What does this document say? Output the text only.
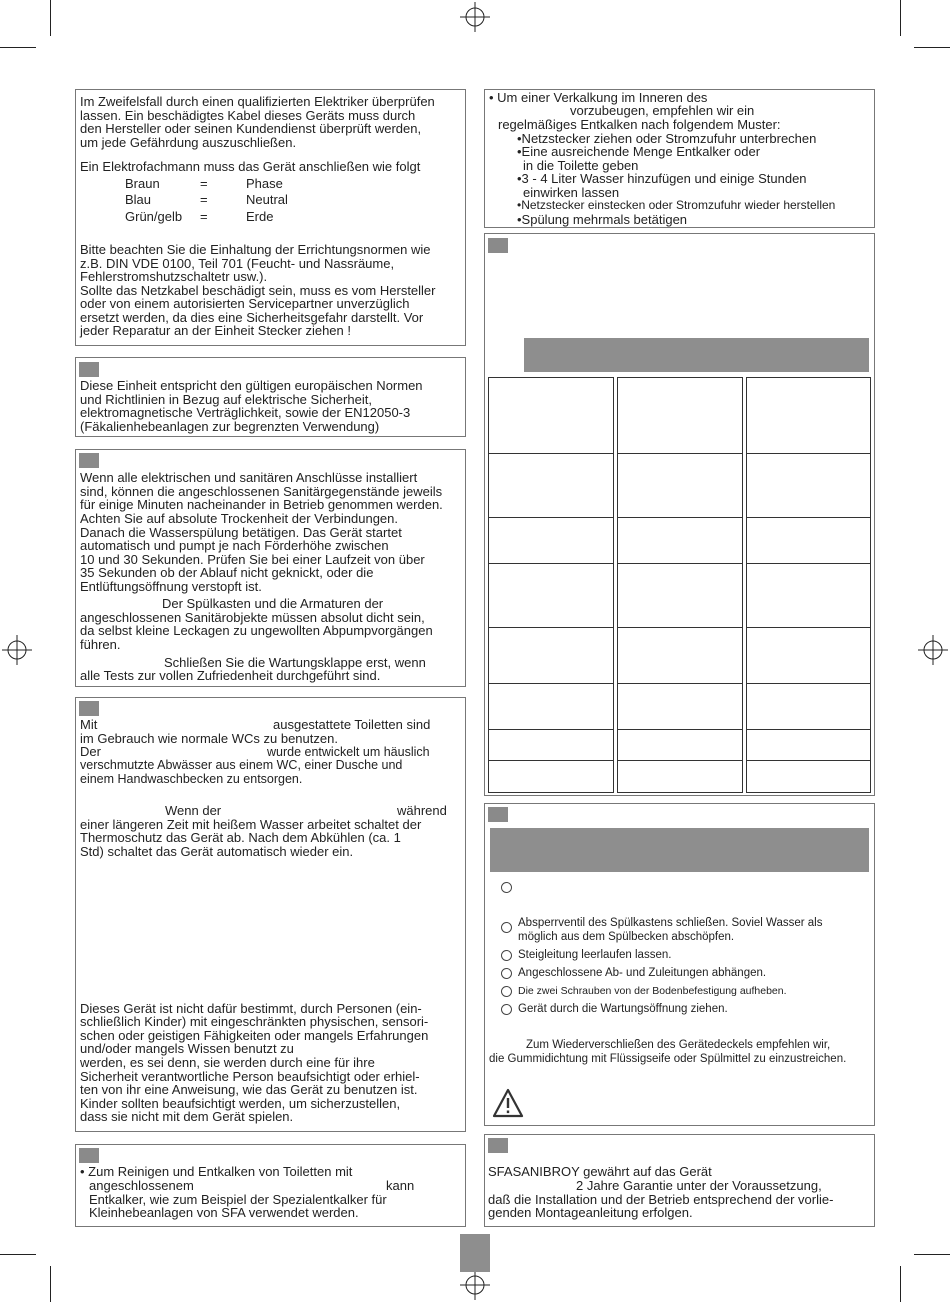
Im Zweifelsfall durch einen qualifizierten Elektriker überprüfen
lassen. Ein beschädigtes Kabel dieses Geräts muss durch
den Hersteller oder seinen Kundendienst überprüft werden,
um jede Gefährdung auszuschließen.
Ein Elektrofachmann muss das Gerät anschließen wie folgt
Braun	=	Phase
Blau	=	Neutral
Grün/gelb =	Erde
Bitte beachten Sie die Einhaltung der Errichtungsnormen wie
z.B. DIN VDE 0100, Teil 701 (Feucht- und Nassräume,
Fehlerstromshutzschaltetr usw.).
Sollte das Netzkabel beschädigt sein, muss es vom Hersteller
oder von einem autorisierten Servicepartner unverzüglich
ersetzt werden, da dies eine Sicherheitsgefahr darstellt. Vor
jeder Reparatur an der Einheit Stecker ziehen !
Diese Einheit entspricht den gültigen europäischen Normen
und Richtlinien in Bezug auf elektrische Sicherheit,
elektromagnetische Verträglichkeit, sowie der EN12050-3
(Fäkalienhebeanlagen zur begrenzten Verwendung)
Wenn alle elektrischen und sanitären Anschlüsse installiert
sind, können die angeschlossenen Sanitärgegenstände jeweils
für einige Minuten nacheinander in Betrieb genommen werden.
Achten Sie auf absolute Trockenheit der Verbindungen.
Danach die Wasserspülung betätigen. Das Gerät startet
automatisch und pumpt je nach Förderhöhe zwischen
10 und 30 Sekunden. Prüfen Sie bei einer Laufzeit von über
35 Sekunden ob der Ablauf nicht geknickt, oder die
Entlüftungsöffnung verstopft ist.
Der Spülkasten und die Armaturen der
angeschlossenen Sanitärobjekte müssen absolut dicht sein,
da selbst kleine Leckagen zu ungewollten Abpumpvorgängen
führen.
Schließen Sie die Wartungsklappe erst, wenn
alle Tests zur vollen Zufriedenheit durchgeführt sind.
Mit	ausgestattete Toiletten sind
im Gebrauch wie normale WCs zu benutzen.
Der	wurde entwickelt um häuslich
verschmutzte Abwässer aus einem WC, einer Dusche und
einem Handwaschbecken zu entsorgen.
Wenn der	während
einer längeren Zeit mit heißem Wasser arbeitet schaltet der
Thermoschutz das Gerät ab. Nach dem Abkühlen (ca. 1
Std) schaltet das Gerät automatisch wieder ein.
Dieses Gerät ist nicht dafür bestimmt, durch Personen (ein-
schließlich Kinder) mit eingeschränkten physischen, sensori-
schen oder geistigen Fähigkeiten oder mangels Erfahrungen
und/oder mangels Wissen benutzt zu
werden, es sei denn, sie werden durch eine für ihre
Sicherheit verantwortliche Person beaufsichtigt oder erhiel-
ten von ihr eine Anweisung, wie das Gerät zu benutzen ist.
Kinder sollten beaufsichtigt werden, um sicherzustellen,
dass sie nicht mit dem Gerät spielen.
• Zum Reinigen und Entkalken von Toiletten mit
angeschlossenem	kann
Entkalker, wie zum Beispiel der Spezialentkalker für
Kleinhebeanlagen von SFA verwendet werden.
• Um einer Verkalkung im Inneren des
vorzubeugen, empfehlen wir ein
regelmäßiges Entkalken nach folgendem Muster:
•Netzstecker ziehen oder Stromzufuhr unterbrechen
•Eine ausreichende Menge Entkalker oder
in die Toilette geben
•3 - 4 Liter Wasser hinzufügen und einige Stunden
einwirken lassen
•Netzstecker einstecken oder Stromzufuhr wieder herstellen
•Spülung mehrmals betätigen
Absperrventil des Spülkastens schließen. Soviel Wasser als
möglich aus dem Spülbecken abschöpfen.
Steigleitung leerlaufen lassen.
Angeschlossene Ab- und Zuleitungen abhängen.
Die zwei Schrauben von der Bodenbefestigung aufheben.
Gerät durch die Wartungsöffnung ziehen.
Zum Wiederverschließen des Gerätedeckels empfehlen wir,
die Gummidichtung mit Flüssigseife oder Spülmittel zu einzustreichen.
SFASANIBROY gewährt auf das Gerät
2 Jahre Garantie unter der Voraussetzung,
daß die Installation und der Betrieb entsprechend der vorlie-
genden Montageanleitung erfolgen.
